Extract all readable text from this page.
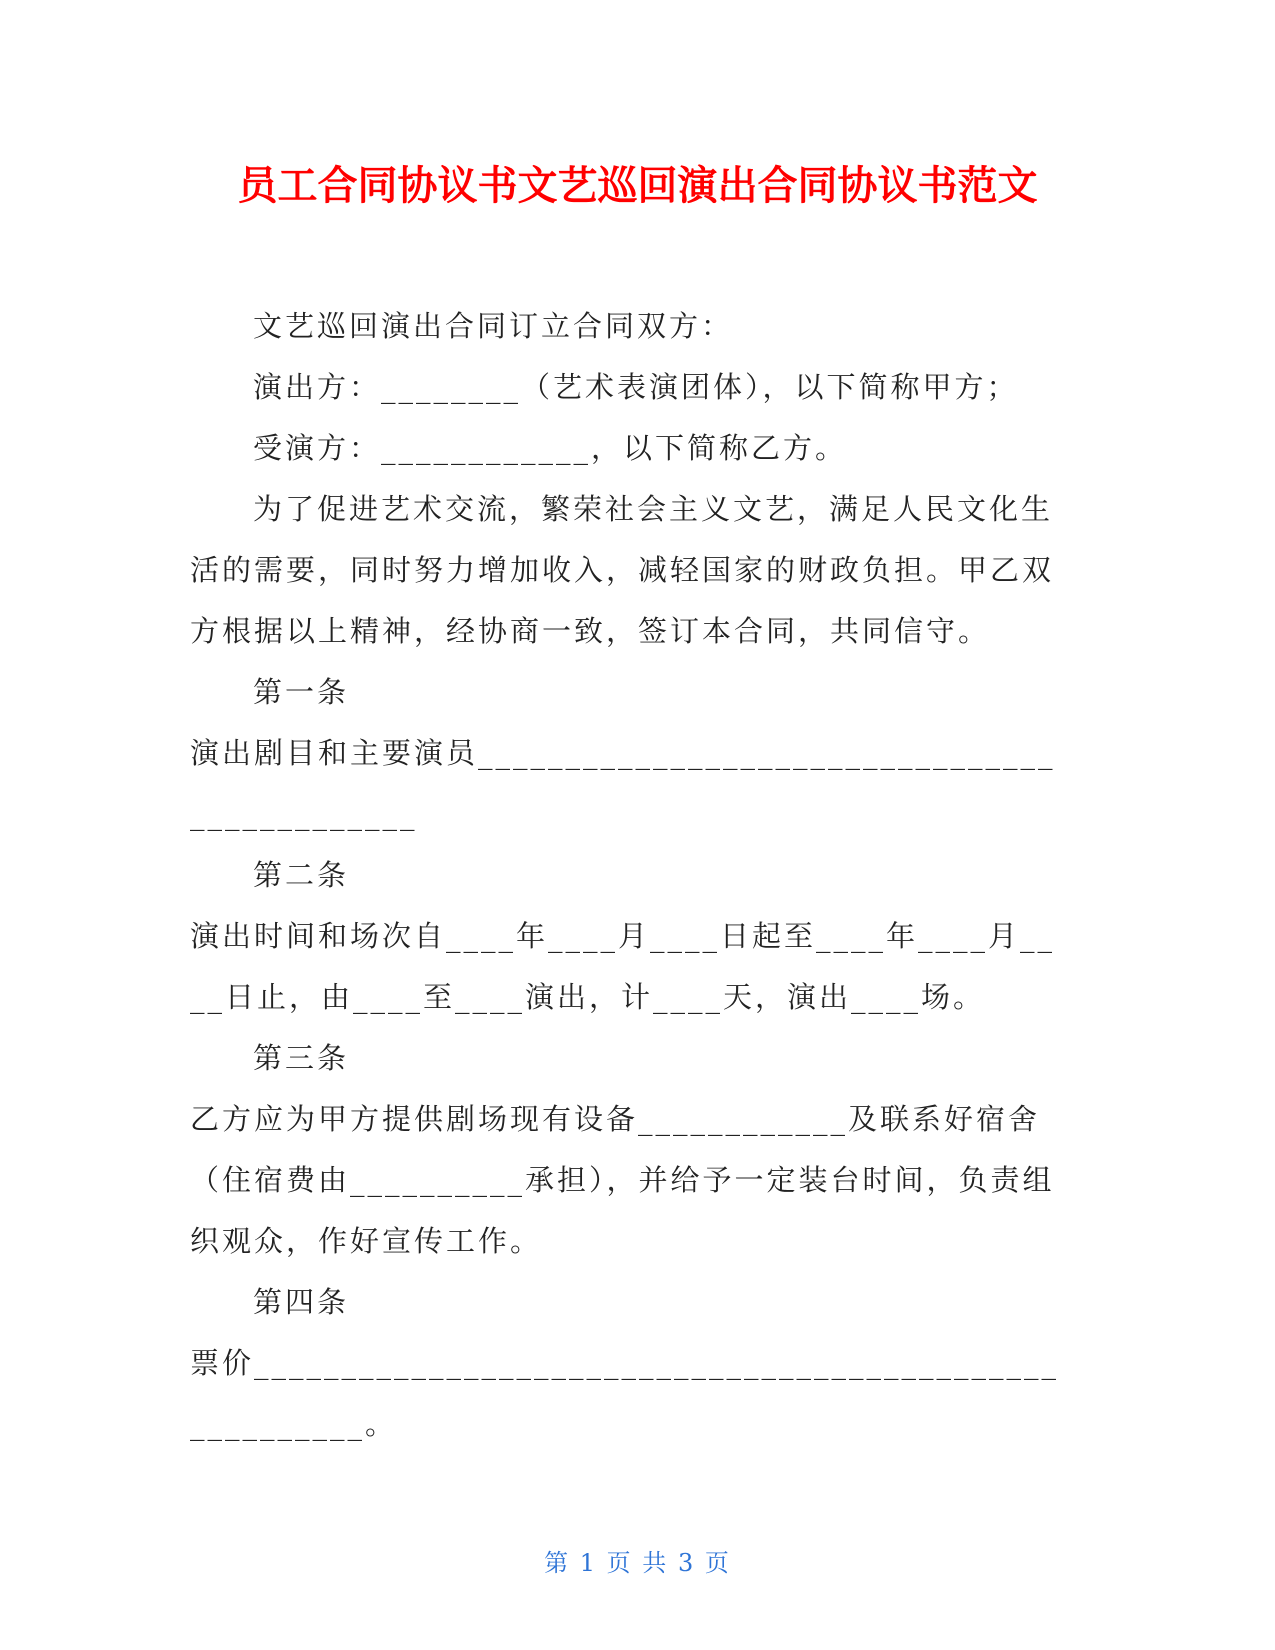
员工合同协议书文艺巡回演出合同协议书范文

文艺巡回演出合同订立合同双方：

演出方：________（艺术表演团体），以下简称甲方；

受演方：____________，以下简称乙方。

为了促进艺术交流，繁荣社会主义文艺，满足人民文化生活的需要，同时努力增加收入，减轻国家的财政负担。甲乙双方根据以上精神，经协商一致，签订本合同，共同信守。

第一条

演出剧目和主要演员______________________________________________

第二条

演出时间和场次自____年____月____日起至____年____月____日止，由____至____演出，计____天，演出____场。

第三条

乙方应为甲方提供剧场现有设备____________及联系好宿舍（住宿费由__________承担），并给予一定装台时间，负责组织观众，作好宣传工作。

第四条

票价________________________________________________________。

第 1 页 共 3 页
